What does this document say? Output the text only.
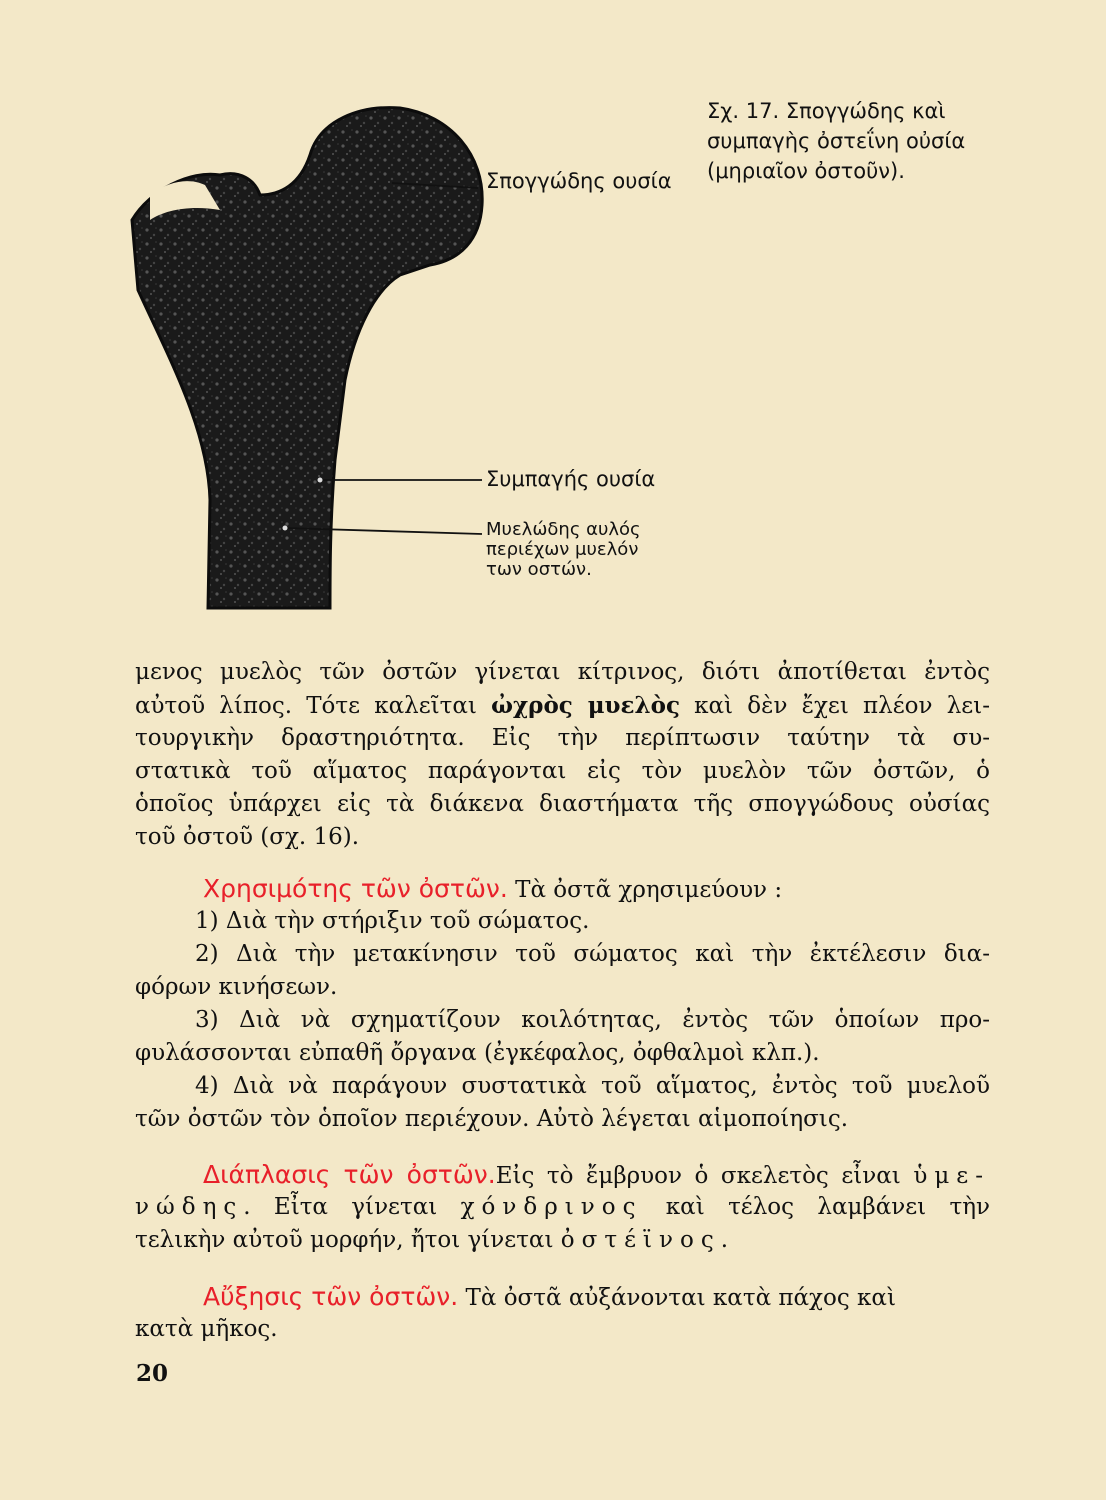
Σπογγώδης ουσία
Συμπαγής ουσία
Μυελώδης αυλός
περιέχων μυελόν
των οστών.
Σχ. 17. Σπογγώδης καὶ
συμπαγὴς ὀστεΐνη οὐσία
(μηριαῖον ὀστοῦν).
μενος μυελὸς τῶν ὀστῶν γίνεται κίτρινος, διότι ἀποτίθεται ἐντὸς
αὐτοῦ λίπος. Τότε καλεῖται ὠχρὸς μυελὸς καὶ δὲν ἔχει πλέον λει-
τουργικὴν δραστηριότητα. Εἰς τὴν περίπτωσιν ταύτην τὰ συ-
στατικὰ τοῦ αἵματος παράγονται εἰς τὸν μυελὸν τῶν ὀστῶν, ὁ
ὁποῖος ὑπάρχει εἰς τὰ διάκενα διαστήματα τῆς σπογγώδους οὐσίας
τοῦ ὀστοῦ (σχ. 16).
Χρησιμότης τῶν ὀστῶν. Τὰ ὀστᾶ χρησιμεύουν :
1) Διὰ τὴν στήριξιν τοῦ σώματος.
2) Διὰ τὴν μετακίνησιν τοῦ σώματος καὶ τὴν ἐκτέλεσιν δια-
φόρων κινήσεων.
3) Διὰ νὰ σχηματίζουν κοιλότητας, ἐντὸς τῶν ὁποίων προ-
φυλάσσονται εὐπαθῆ ὄργανα (ἐγκέφαλος, ὀφθαλμοὶ κλπ.).
4) Διὰ νὰ παράγουν συστατικὰ τοῦ αἵματος, ἐντὸς τοῦ μυελοῦ
τῶν ὀστῶν τὸν ὁποῖον περιέχουν. Αὐτὸ λέγεται αἱμοποίησις.
Διάπλασις τῶν ὀστῶν.Εἰς τὸ ἔμβρυον ὁ σκελετὸς εἶναι ὑμε-
νώδης. Εἶτα γίνεται χόνδρινος καὶ τέλος λαμβάνει τὴν
τελικὴν αὐτοῦ μορφήν, ἤτοι γίνεται ὀστέϊνος.
Αὔξησις τῶν ὀστῶν. Τὰ ὀστᾶ αὐξάνονται κατὰ πάχος καὶ
κατὰ μῆκος.
20
